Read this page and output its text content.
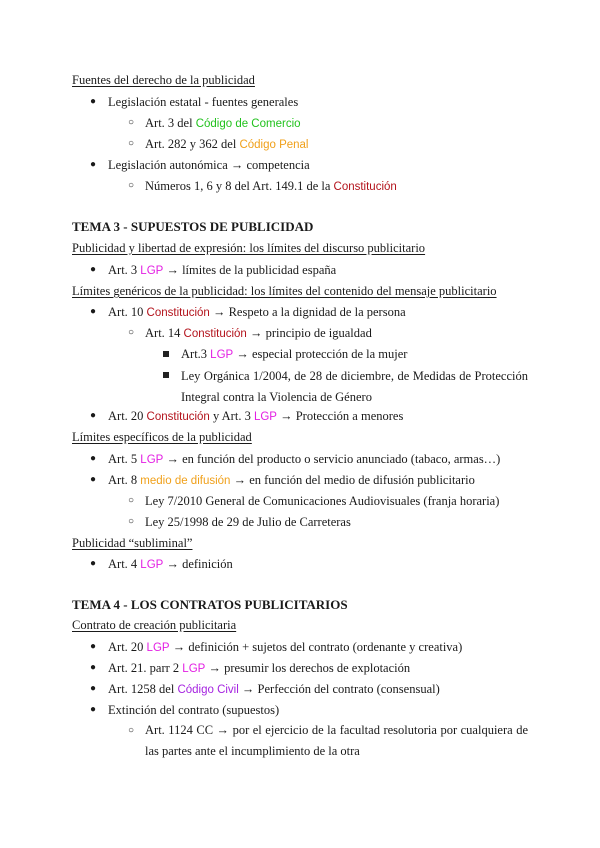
Fuentes del derecho de la publicidad
● Legislación estatal - fuentes generales
○ Art. 3 del Código de Comercio
○ Art. 282 y 362 del Código Penal
● Legislación autonómica → competencia
○ Números 1, 6 y 8 del Art. 149.1 de la Constitución
TEMA 3 - SUPUESTOS DE PUBLICIDAD
Publicidad y libertad de expresión: los límites del discurso publicitario
● Art. 3 LGP → límites de la publicidad españa
Límites genéricos de la publicidad: los límites del contenido del mensaje publicitario
● Art. 10 Constitución → Respeto a la dignidad de la persona
○ Art. 14 Constitución → principio de igualdad
Art.3 LGP → especial protección de la mujer
Ley Orgánica 1/2004, de 28 de diciembre, de Medidas de Protección Integral contra la Violencia de Género
● Art. 20 Constitución y Art. 3 LGP → Protección a menores
Límites específicos de la publicidad
● Art. 5 LGP → en función del producto o servicio anunciado (tabaco, armas…)
● Art. 8 medio de difusión → en función del medio de difusión publicitario
○ Ley 7/2010 General de Comunicaciones Audiovisuales (franja horaria)
○ Ley 25/1998 de 29 de Julio de Carreteras
Publicidad “subliminal”
● Art. 4 LGP → definición
TEMA 4 - LOS CONTRATOS PUBLICITARIOS
Contrato de creación publicitaria
● Art. 20 LGP → definición + sujetos del contrato (ordenante y creativa)
● Art. 21. parr 2 LGP → presumir los derechos de explotación
● Art. 1258 del Código Civil → Perfección del contrato (consensual)
● Extinción del contrato (supuestos)
○ Art. 1124 CC → por el ejercicio de la facultad resolutoria por cualquiera de las partes ante el incumplimiento de la otra
